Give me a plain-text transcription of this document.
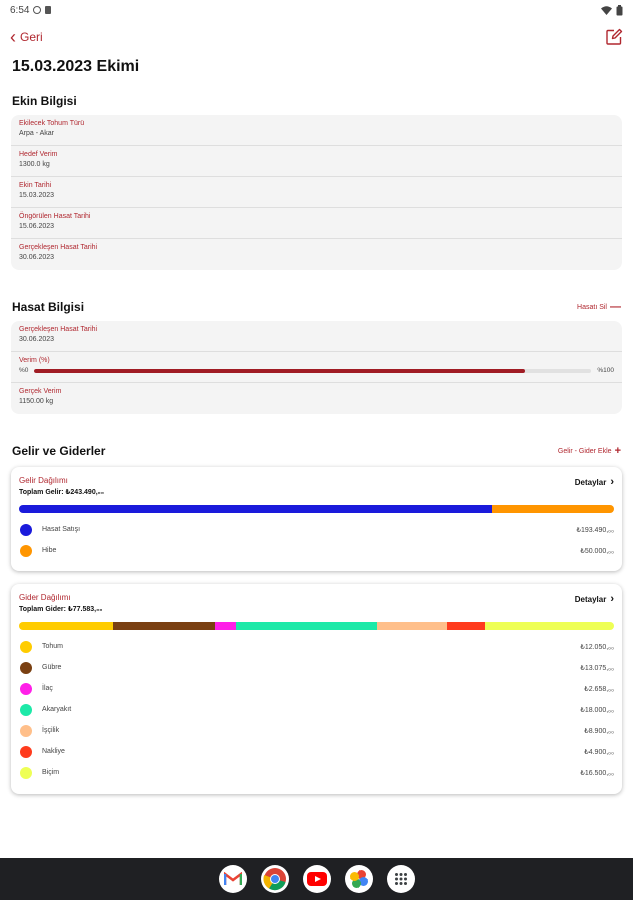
6:54
‹ Geri
15.03.2023 Ekimi
Ekin Bilgisi
Ekilecek Tohum Türü
Arpa - Akar
Hedef Verim
1300.0 kg
Ekin Tarihi
15.03.2023
Öngörülen Hasat Tarihi
15.06.2023
Gerçekleşen Hasat Tarihi
30.06.2023
Hasat Bilgisi	Hasatı Sil —
Gerçekleşen Hasat Tarihi
30.06.2023
Verim (%)
%0	%100
Gerçek Verim
1150.00 kg
Gelir ve Giderler	Gelir - Gider Ekle +
Gelir Dağılımı
Toplam Gelir: ₺243.490,₀₀
Detaylar ›
Hasat Satışı	₺193.490,₀₀
Hibe	₺50.000,₀₀
Gider Dağılımı
Toplam Gider: ₺77.583,₀₀
Detaylar ›
Tohum	₺12.050,₀₀
Gübre	₺13.075,₀₀
İlaç	₺2.658,₀₀
Akaryakıt	₺18.000,₀₀
İşçilik	₺8.900,₀₀
Nakliye	₺4.900,₀₀
Biçim	₺16.500,₀₀
